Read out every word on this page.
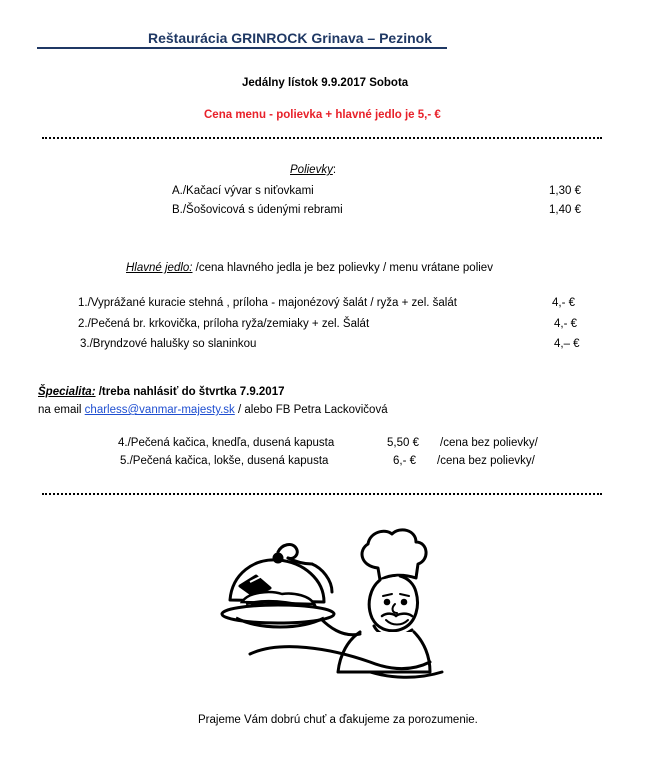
Reštaurácia GRINROCK Grinava – Pezinok
Jedálny lístok 9.9.2017 Sobota
Cena menu - polievka + hlavné jedlo je 5,- €
Polievky:
A./Kačací vývar s niťovkami	1,30 €
B./Šošovicová s údenými rebrami	1,40 €
Hlavné jedlo: /cena hlavného jedla je bez polievky / menu vrátane poliev
1./Vyprážané kuracie stehná , príloha - majonézový šalát / ryža + zel. šalát	4,- €
2./Pečená br. krkovička, príloha ryža/zemiaky + zel. Šalát	4,- €
3./Bryndzové halušky so slaninkou	4,– €
Špecialita: /treba nahlásiť do štvrtka 7.9.2017
na email charless@vanmar-majesty.sk / alebo FB Petra Lackovičová
4./Pečená kačica, knedľa, dusená kapusta	5,50 € /cena bez polievky/
5./Pečená kačica, lokše, dusená kapusta	6,- € /cena bez polievky/
Prajeme Vám dobrú chuť a ďakujeme za porozumenie.
